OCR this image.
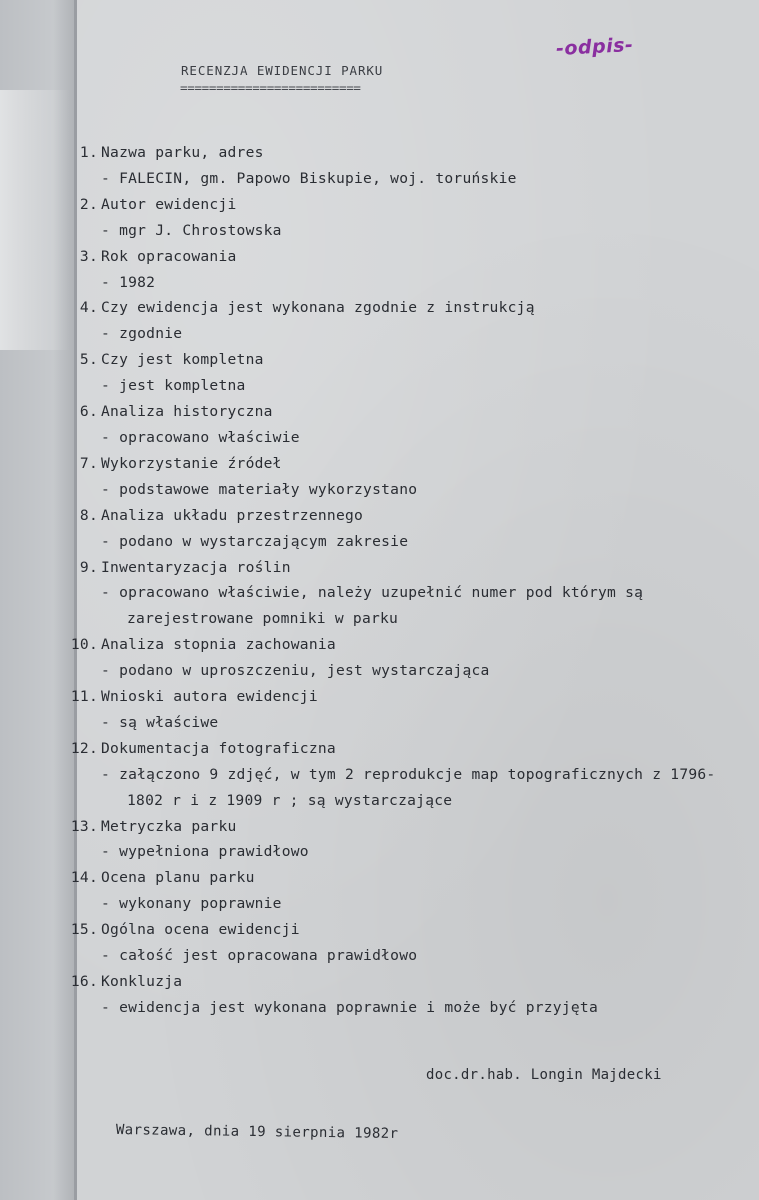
-odpis-
RECENZJA EWIDENCJI PARKU
=========================
1. Nazwa parku, adres
- FALECIN, gm. Papowo Biskupie, woj. toruńskie
2. Autor ewidencji
- mgr J. Chrostowska
3. Rok opracowania
- 1982
4. Czy ewidencja jest wykonana zgodnie z instrukcją
- zgodnie
5. Czy jest kompletna
- jest kompletna
6. Analiza historyczna
- opracowano właściwie
7. Wykorzystanie źródeł
- podstawowe materiały wykorzystano
8. Analiza układu przestrzennego
- podano w wystarczającym zakresie
9. Inwentaryzacja roślin
- opracowano właściwie, należy uzupełnić numer pod którym są zarejestrowane pomniki w parku
10. Analiza stopnia zachowania
- podano w uproszczeniu, jest wystarczająca
11. Wnioski autora ewidencji
- są właściwe
12. Dokumentacja fotograficzna
- załączono 9 zdjęć, w tym 2 reprodukcje map topograficznych z 1796-1802 r i z 1909 r ; są wystarczające
13. Metryczka parku
- wypełniona prawidłowo
14. Ocena planu parku
- wykonany poprawnie
15. Ogólna ocena ewidencji
- całość jest opracowana prawidłowo
16. Konkluzja
- ewidencja jest wykonana poprawnie i może być przyjęta
doc.dr.hab. Longin Majdecki
Warszawa, dnia 19 sierpnia 1982r
